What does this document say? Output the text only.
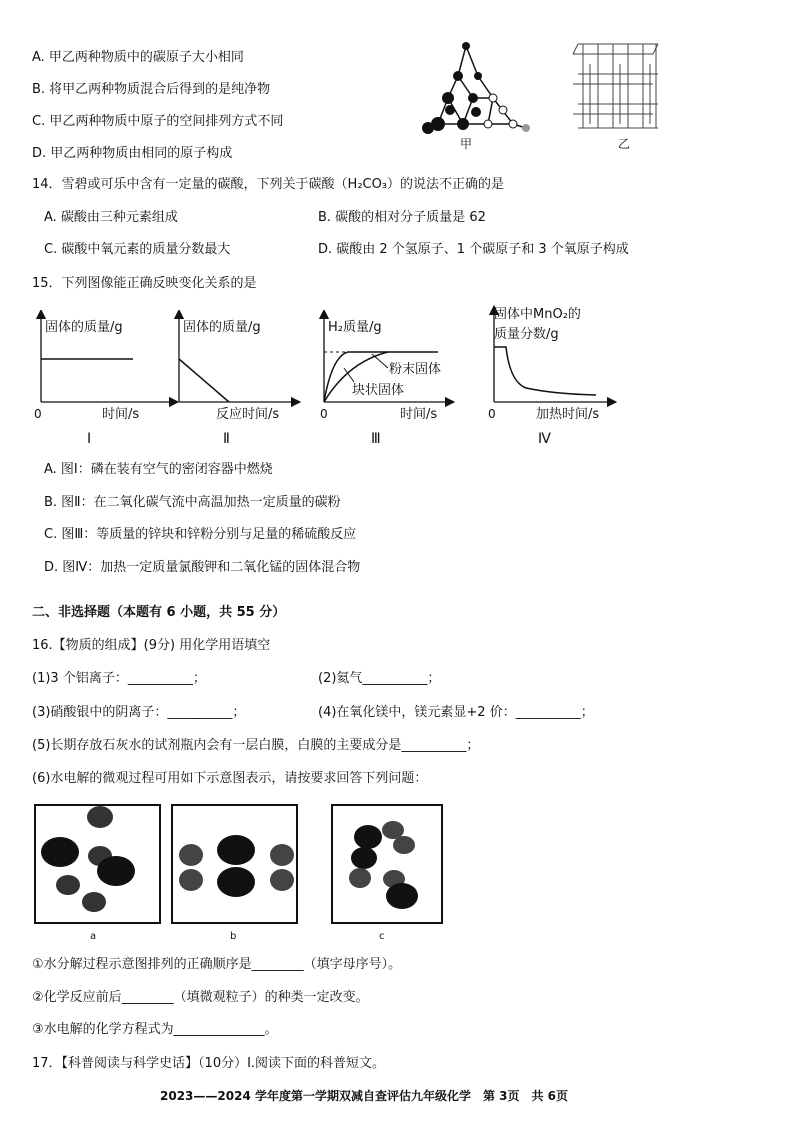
A. 甲乙两种物质中的碳原子大小相同
B. 将甲乙两种物质混合后得到的是纯净物
C. 甲乙两种物质中原子的空间排列方式不同
D. 甲乙两种物质由相同的原子构成
甲	乙
14．雪碧或可乐中含有一定量的碳酸，下列关于碳酸（H₂CO₃）的说法不正确的是
A. 碳酸由三种元素组成	B. 碳酸的相对分子质量是 62
C. 碳酸中氧元素的质量分数最大	D. 碳酸由 2 个氢原子、1 个碳原子和 3 个氧原子构成
15．下列图像能正确反映变化关系的是
固体的质量/g
0	时间/s
Ⅰ
固体的质量/g
反应时间/s
Ⅱ
H₂质量/g
粉末固体
块状固体
0	时间/s
Ⅲ
固体中MnO₂的
质量分数/g
0	加热时间/s
Ⅳ
A. 图Ⅰ：磷在装有空气的密闭容器中燃烧
B. 图Ⅱ：在二氧化碳气流中高温加热一定质量的碳粉
C. 图Ⅲ：等质量的锌块和锌粉分别与足量的稀硫酸反应
D. 图Ⅳ：加热一定质量氯酸钾和二氧化锰的固体混合物
二、非选择题（本题有 6 小题，共 55 分）
16.【物质的组成】(9分) 用化学用语填空
(1)3 个铝离子：__________；	(2)氦气__________；
(3)硝酸银中的阴离子：__________；	(4)在氧化镁中，镁元素显+2 价：__________；
(5)长期存放石灰水的试剂瓶内会有一层白膜，白膜的主要成分是__________；
(6)水电解的微观过程可用如下示意图表示，请按要求回答下列问题：
a	b	c
①水分解过程示意图排列的正确顺序是________（填字母序号）。
②化学反应前后________（填微观粒子）的种类一定改变。
③水电解的化学方程式为______________。
17．【科普阅读与科学史话】（10分）Ⅰ.阅读下面的科普短文。
2023——2024 学年度第一学期双减自查评估九年级化学　第 3页　共 6页
